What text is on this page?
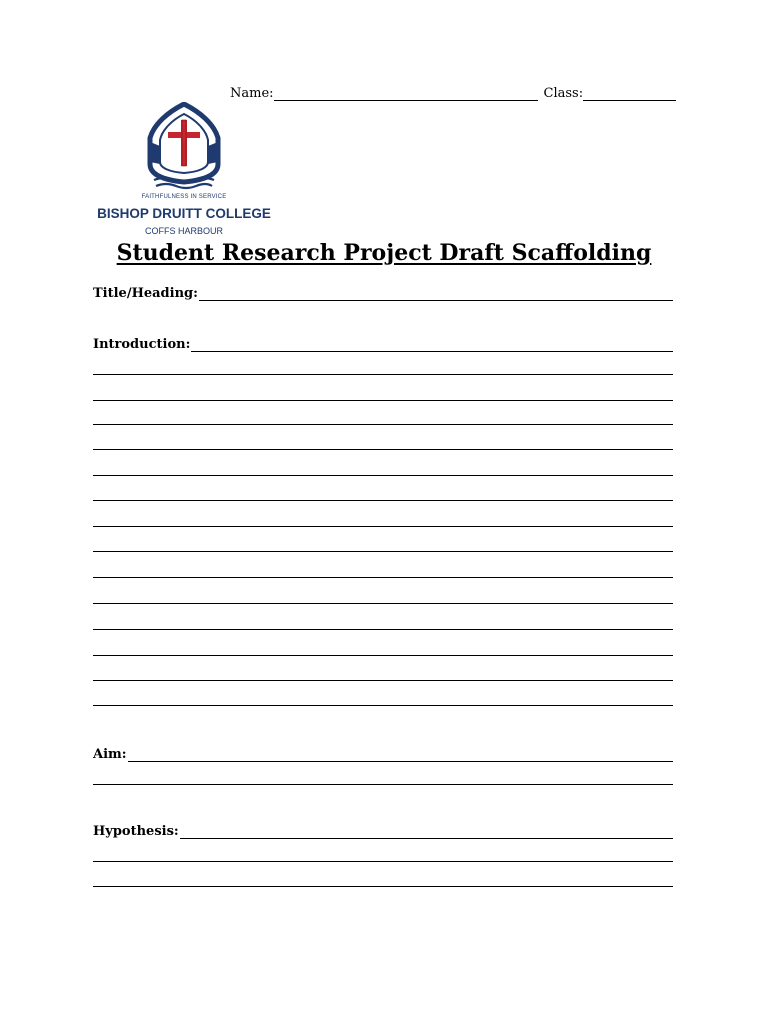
Name:	Class:
FAITHFULNESS IN SERVICE
BISHOP DRUITT COLLEGE
COFFS HARBOUR
Student Research Project Draft Scaffolding
Title/Heading:
Introduction:
Aim:
Hypothesis:
